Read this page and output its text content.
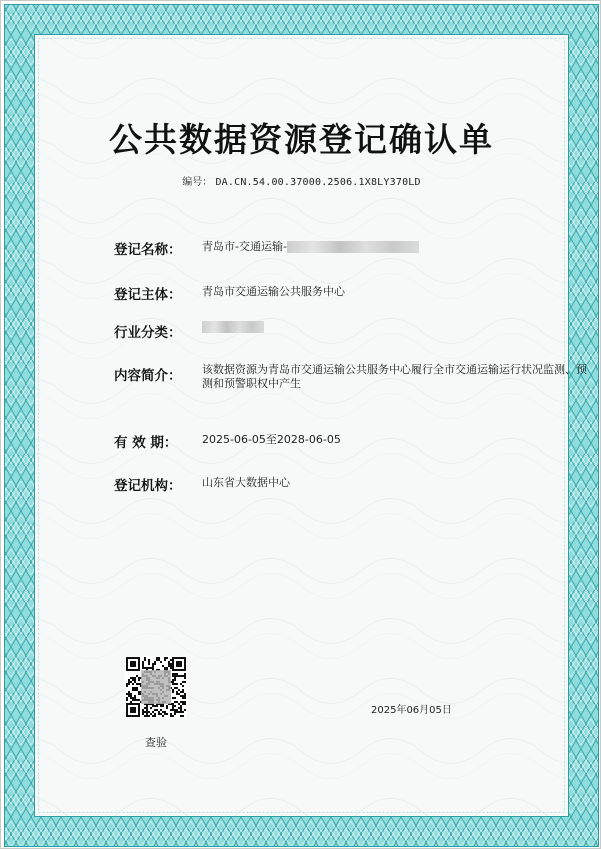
公共数据资源登记确认单
编号： DA.CN.54.00.37000.2506.1X8LY370LD
登记名称： 青岛市-交通运输-
登记主体： 青岛市交通运输公共服务中心
行业分类：
内容简介： 该数据资源为青岛市交通运输公共服务中心履行全市交通运输运行状况监测、预测和预警职权中产生
有 效 期： 2025-06-05至2028-06-05
登记机构： 山东省大数据中心
查验
2025年06月05日
